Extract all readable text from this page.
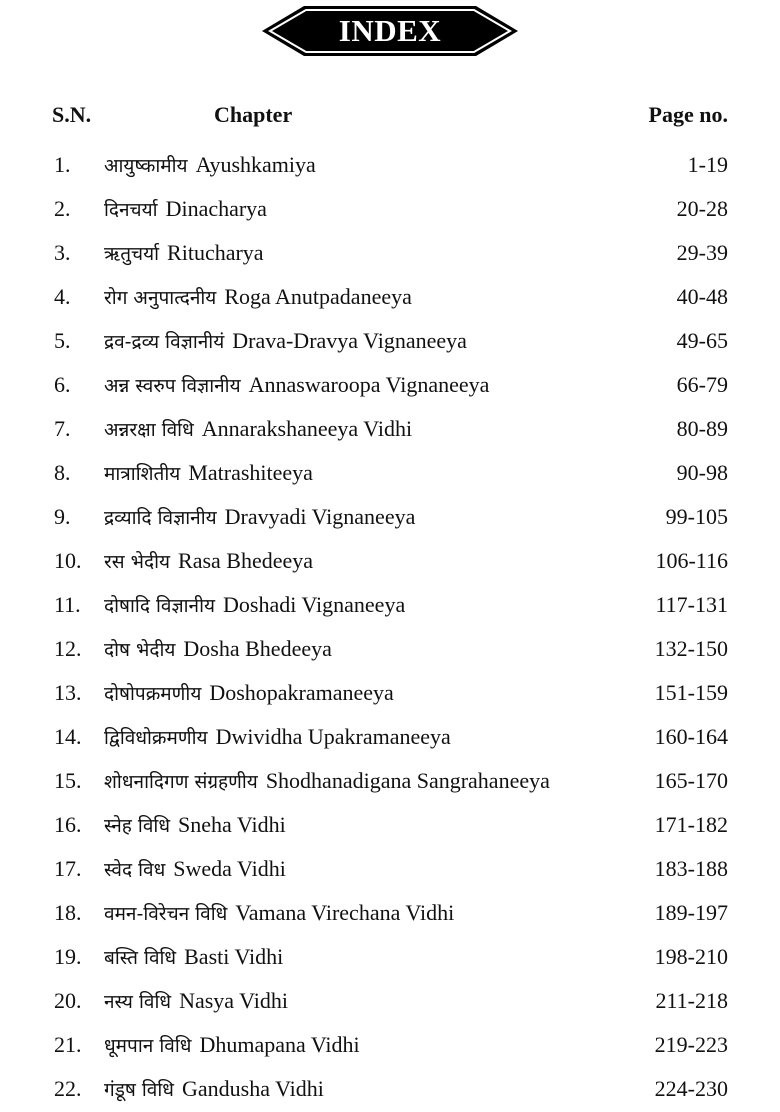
INDEX
S.N.	Chapter	Page no.
1. आयुष्कामीय Ayushkamiya	1-19
2. दिनचर्या Dinacharya	20-28
3. ऋतुचर्या Ritucharya	29-39
4. रोग अनुपात्दनीय Roga Anutpadaneeya	40-48
5. द्रव-द्रव्य विज्ञानीयं Drava-Dravya Vignaneeya	49-65
6. अन्न स्वरुप विज्ञानीय Annaswaroopa Vignaneeya	66-79
7. अन्नरक्षा विधि Annarakshaneeya Vidhi	80-89
8. मात्राशितीय Matrashiteeya	90-98
9. द्रव्यादि विज्ञानीय Dravyadi Vignaneeya	99-105
10. रस भेदीय Rasa Bhedeeya	106-116
11. दोषादि विज्ञानीय Doshadi Vignaneeya	117-131
12. दोष भेदीय Dosha Bhedeeya	132-150
13. दोषोपक्रमणीय Doshopakramaneeya	151-159
14. द्विविधोक्रमणीय Dwividha Upakramaneeya	160-164
15. शोधनादिगण संग्रहणीय Shodhanadigana Sangrahaneeya	165-170
16. स्नेह विधि Sneha Vidhi	171-182
17. स्वेद विध Sweda Vidhi	183-188
18. वमन-विरेचन विधि Vamana Virechana Vidhi	189-197
19. बस्ति विधि Basti Vidhi	198-210
20. नस्य विधि Nasya Vidhi	211-218
21. धूमपान विधि Dhumapana Vidhi	219-223
22. गंडूष विधि Gandusha Vidhi	224-230
